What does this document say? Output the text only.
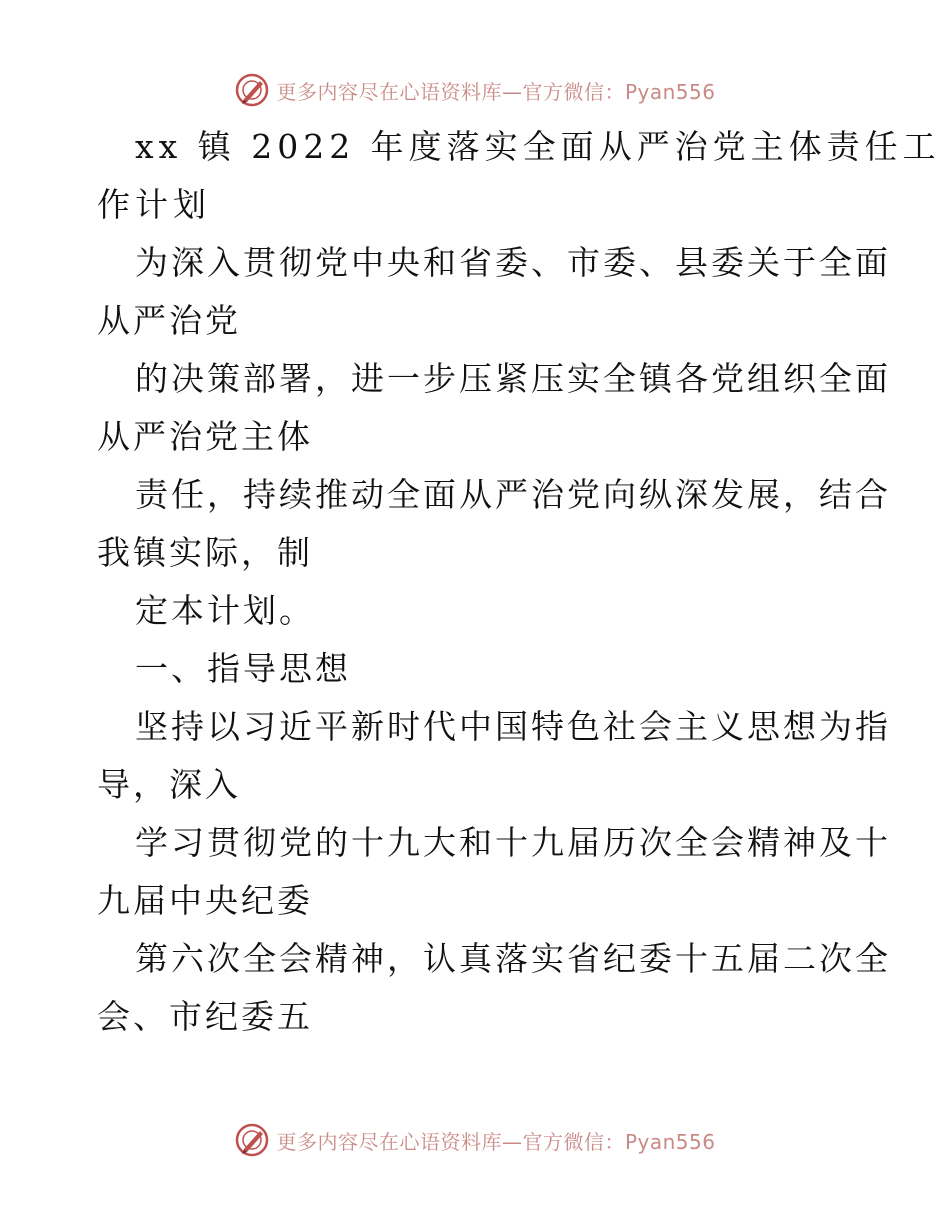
更多内容尽在心语资料库—官方微信：Pyan556
xx 镇 2022 年度落实全面从严治党主体责任工
作计划
为深入贯彻党中央和省委、市委、县委关于全面
从严治党
的决策部署，进一步压紧压实全镇各党组织全面
从严治党主体
责任，持续推动全面从严治党向纵深发展，结合
我镇实际，制
定本计划。
一、指导思想
坚持以习近平新时代中国特色社会主义思想为指
导，深入
学习贯彻党的十九大和十九届历次全会精神及十
九届中央纪委
第六次全会精神，认真落实省纪委十五届二次全
会、市纪委五
更多内容尽在心语资料库—官方微信：Pyan556
